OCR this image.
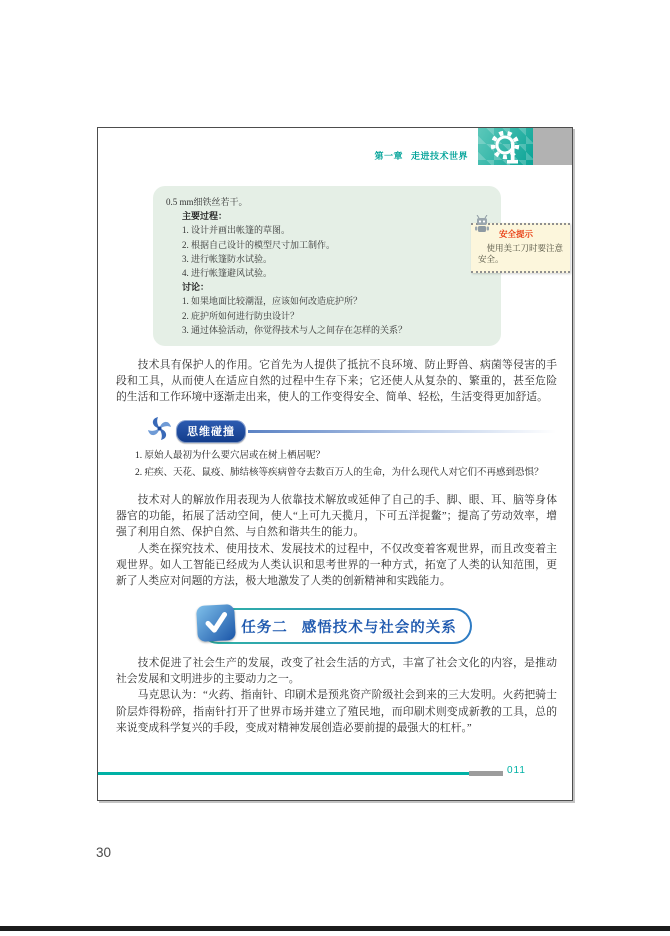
第一章 走进技术世界
0.5 mm细铁丝若干。
主要过程：
1. 设计并画出帐篷的草图。
2. 根据自己设计的模型尺寸加工制作。
3. 进行帐篷防水试验。
4. 进行帐篷避风试验。
讨论：
1. 如果地面比较潮湿，应该如何改造庇护所？
2. 庇护所如何进行防虫设计？
3. 通过体验活动，你觉得技术与人之间存在怎样的关系？
安全提示
使用美工刀时要注意安全。

技术具有保护人的作用。它首先为人提供了抵抗不良环境、防止野兽、病菌等侵害的手段和工具，从而使人在适应自然的过程中生存下来；它还使人从复杂的、繁重的，甚至危险的生活和工作环境中逐渐走出来，使人的工作变得安全、简单、轻松，生活变得更加舒适。

思维碰撞

1. 原始人最初为什么要穴居或在树上栖居呢？

2. 疟疾、天花、鼠疫、肺结核等疾病曾夺去数百万人的生命，为什么现代人对它们不再感到恐惧？

技术对人的解放作用表现为人依靠技术解放或延伸了自己的手、脚、眼、耳、脑等身体器官的功能，拓展了活动空间，使人“上可九天揽月，下可五洋捉鳖”；提高了劳动效率，增强了利用自然、保护自然、与自然和谐共生的能力。

人类在探究技术、使用技术、发展技术的过程中，不仅改变着客观世界，而且改变着主观世界。如人工智能已经成为人类认识和思考世界的一种方式，拓宽了人类的认知范围，更新了人类应对问题的方法，极大地激发了人类的创新精神和实践能力。

任务二 感悟技术与社会的关系

技术促进了社会生产的发展，改变了社会生活的方式，丰富了社会文化的内容，是推动社会发展和文明进步的主要动力之一。

马克思认为：“火药、指南针、印刷术是预兆资产阶级社会到来的三大发明。火药把骑士阶层炸得粉碎，指南针打开了世界市场并建立了殖民地，而印刷术则变成新教的工具，总的来说变成科学复兴的手段，变成对精神发展创造必要前提的最强大的杠杆。”

011
30
